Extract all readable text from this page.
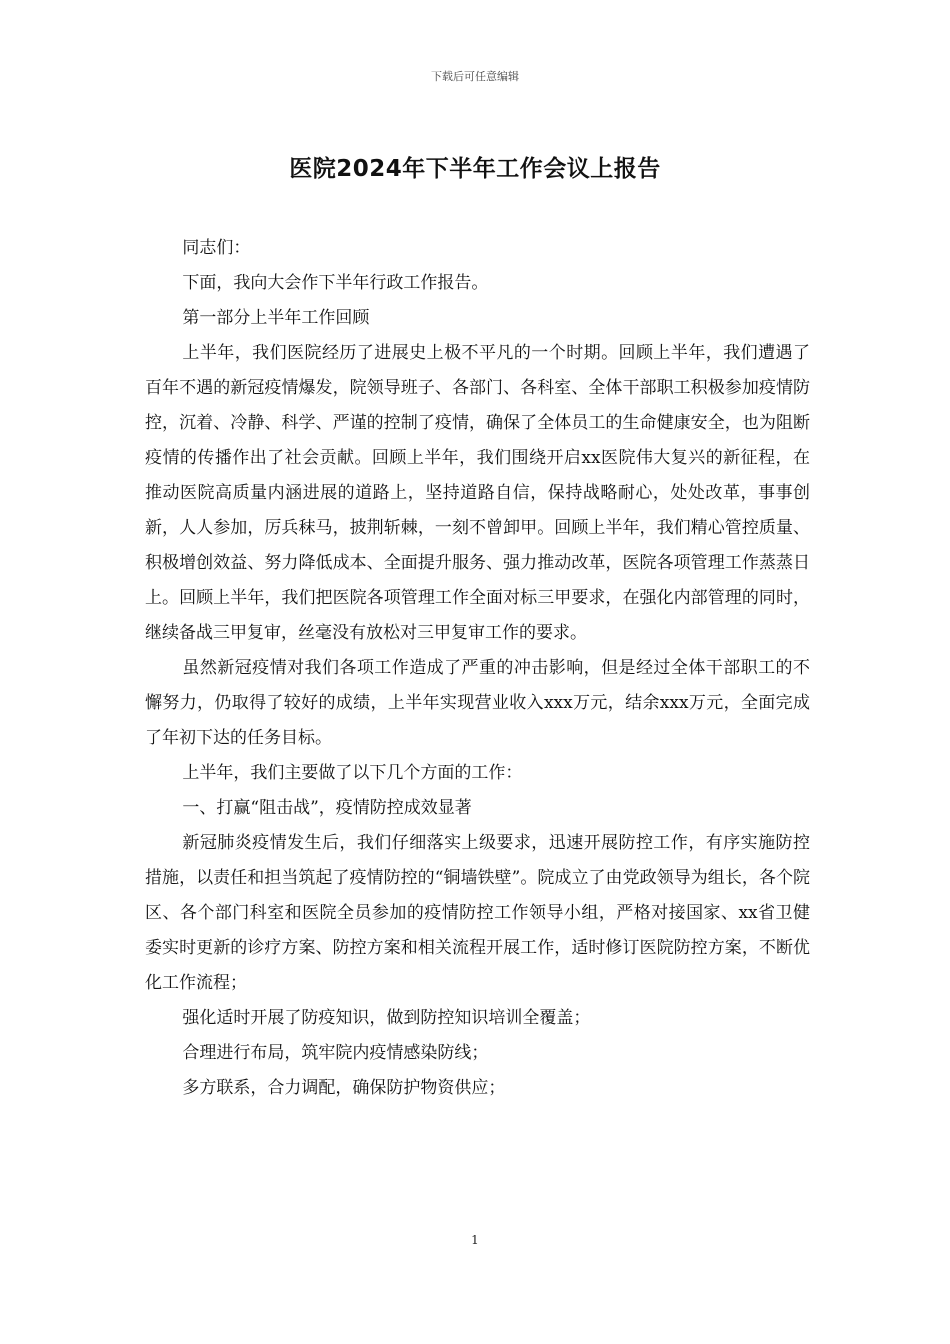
下载后可任意编辑
医院2024年下半年工作会议上报告

同志们：

下面，我向大会作下半年行政工作报告。

第一部分上半年工作回顾

上半年，我们医院经历了进展史上极不平凡的一个时期。回顾上半年，我们遭遇了百年不遇的新冠疫情爆发，院领导班子、各部门、各科室、全体干部职工积极参加疫情防控，沉着、冷静、科学、严谨的控制了疫情，确保了全体员工的生命健康安全，也为阻断疫情的传播作出了社会贡献。回顾上半年，我们围绕开启xx医院伟大复兴的新征程，在推动医院高质量内涵进展的道路上，坚持道路自信，保持战略耐心，处处改革，事事创新，人人参加，厉兵秣马，披荆斩棘，一刻不曾卸甲。回顾上半年，我们精心管控质量、积极增创效益、努力降低成本、全面提升服务、强力推动改革，医院各项管理工作蒸蒸日上。回顾上半年，我们把医院各项管理工作全面对标三甲要求，在强化内部管理的同时，继续备战三甲复审，丝毫没有放松对三甲复审工作的要求。

虽然新冠疫情对我们各项工作造成了严重的冲击影响，但是经过全体干部职工的不懈努力，仍取得了较好的成绩，上半年实现营业收入xxx万元，结余xxx万元，全面完成了年初下达的任务目标。

上半年，我们主要做了以下几个方面的工作：

一、打赢“阻击战”，疫情防控成效显著

新冠肺炎疫情发生后，我们仔细落实上级要求，迅速开展防控工作，有序实施防控措施，以责任和担当筑起了疫情防控的“铜墙铁壁”。院成立了由党政领导为组长，各个院区、各个部门科室和医院全员参加的疫情防控工作领导小组，严格对接国家、xx省卫健委实时更新的诊疗方案、防控方案和相关流程开展工作，适时修订医院防控方案，不断优化工作流程；

强化适时开展了防疫知识，做到防控知识培训全覆盖；

合理进行布局，筑牢院内疫情感染防线；

多方联系，合力调配，确保防护物资供应；

1
